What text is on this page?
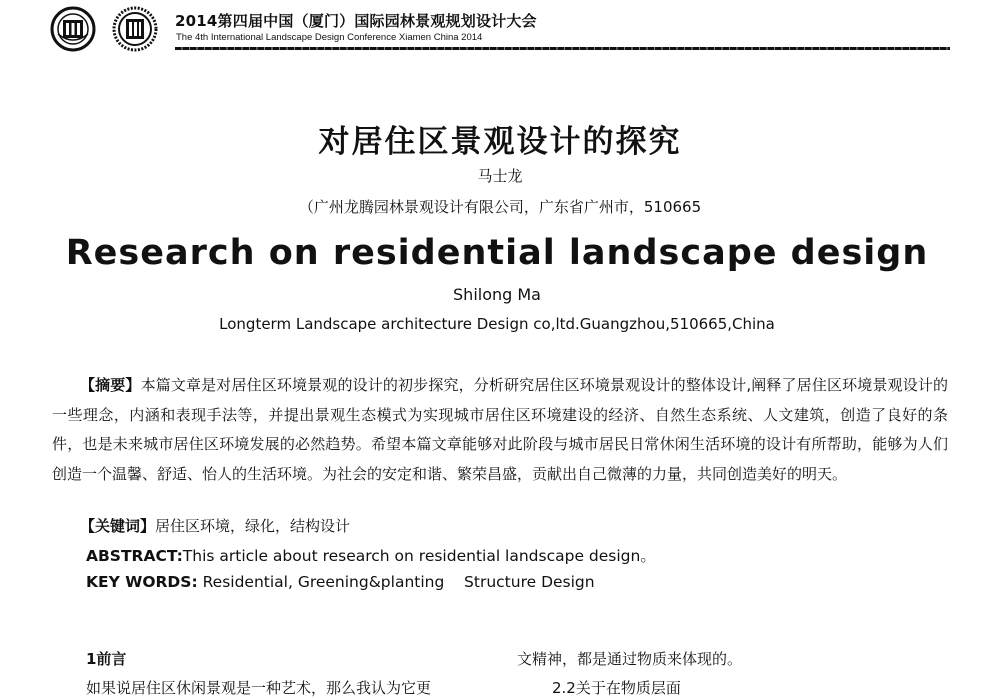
2014第四届中国（厦门）国际园林景观规划设计大会
The 4th International Landscape Design Conference Xiamen China 2014
对居住区景观设计的探究
马士龙
（广州龙腾园林景观设计有限公司，广东省广州市，510665
Research on residential landscape design
Shilong Ma
Longterm Landscape architecture Design co,ltd.Guangzhou,510665,China
【摘要】本篇文章是对居住区环境景观的设计的初步探究，分析研究居住区环境景观设计的整体设计,阐释了居住区环境景观设计的一些理念，内涵和表现手法等，并提出景观生态模式为实现城市居住区环境建设的经济、自然生态系统、人文建筑，创造了良好的条件，也是未来城市居住区环境发展的必然趋势。希望本篇文章能够对此阶段与城市居民日常休闲生活环境的设计有所帮助，能够为人们创造一个温馨、舒适、怡人的生活环境。为社会的安定和谐、繁荣昌盛，贡献出自己微薄的力量，共同创造美好的明天。
【关键词】居住区环境，绿化，结构设计
ABSTRACT:This article about research on residential landscape design。
KEY WORDS: Residential, Greening&planting    Structure Design
1前言
如果说居住区休闲景观是一种艺术，那么我认为它更
文精神，都是通过物质来体现的。
2.2关于在物质层面
